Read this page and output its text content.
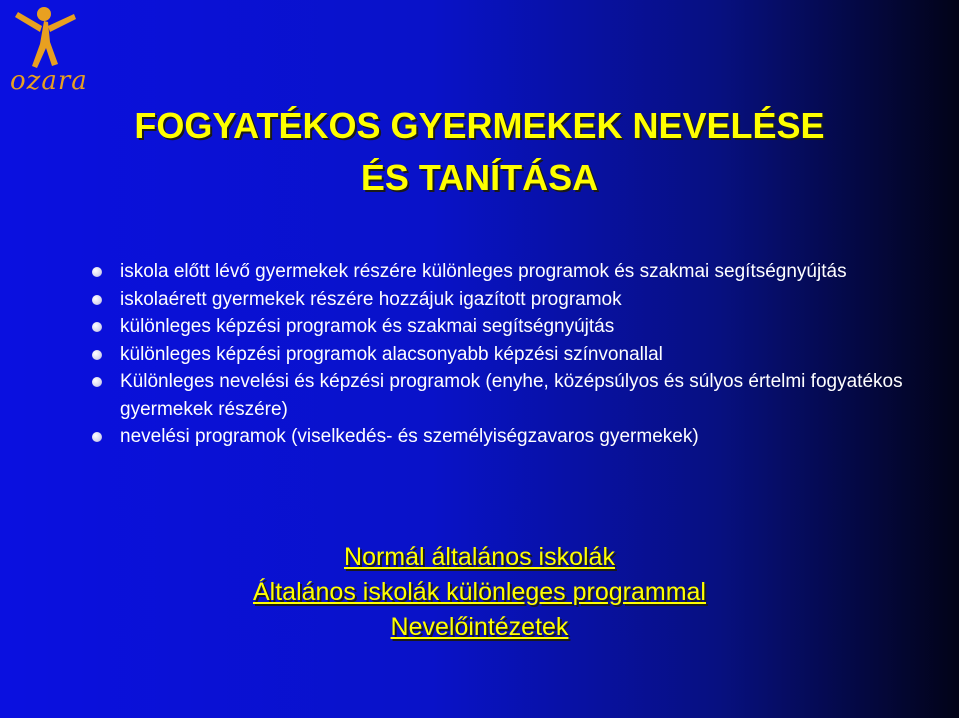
ozara
FOGYATÉKOS GYERMEKEK NEVELÉSE
ÉS TANÍTÁSA
iskola előtt lévő gyermekek részére különleges programok és szakmai segítségnyújtás
iskolaérett gyermekek részére hozzájuk igazított programok
különleges képzési programok és szakmai segítségnyújtás
különleges képzési programok alacsonyabb képzési színvonallal
Különleges nevelési és képzési programok (enyhe, középsúlyos és súlyos értelmi fogyatékos gyermekek részére)
nevelési programok (viselkedés- és személyiségzavaros gyermekek)
Normál általános iskolák
Általános iskolák különleges programmal
Nevelőintézetek
